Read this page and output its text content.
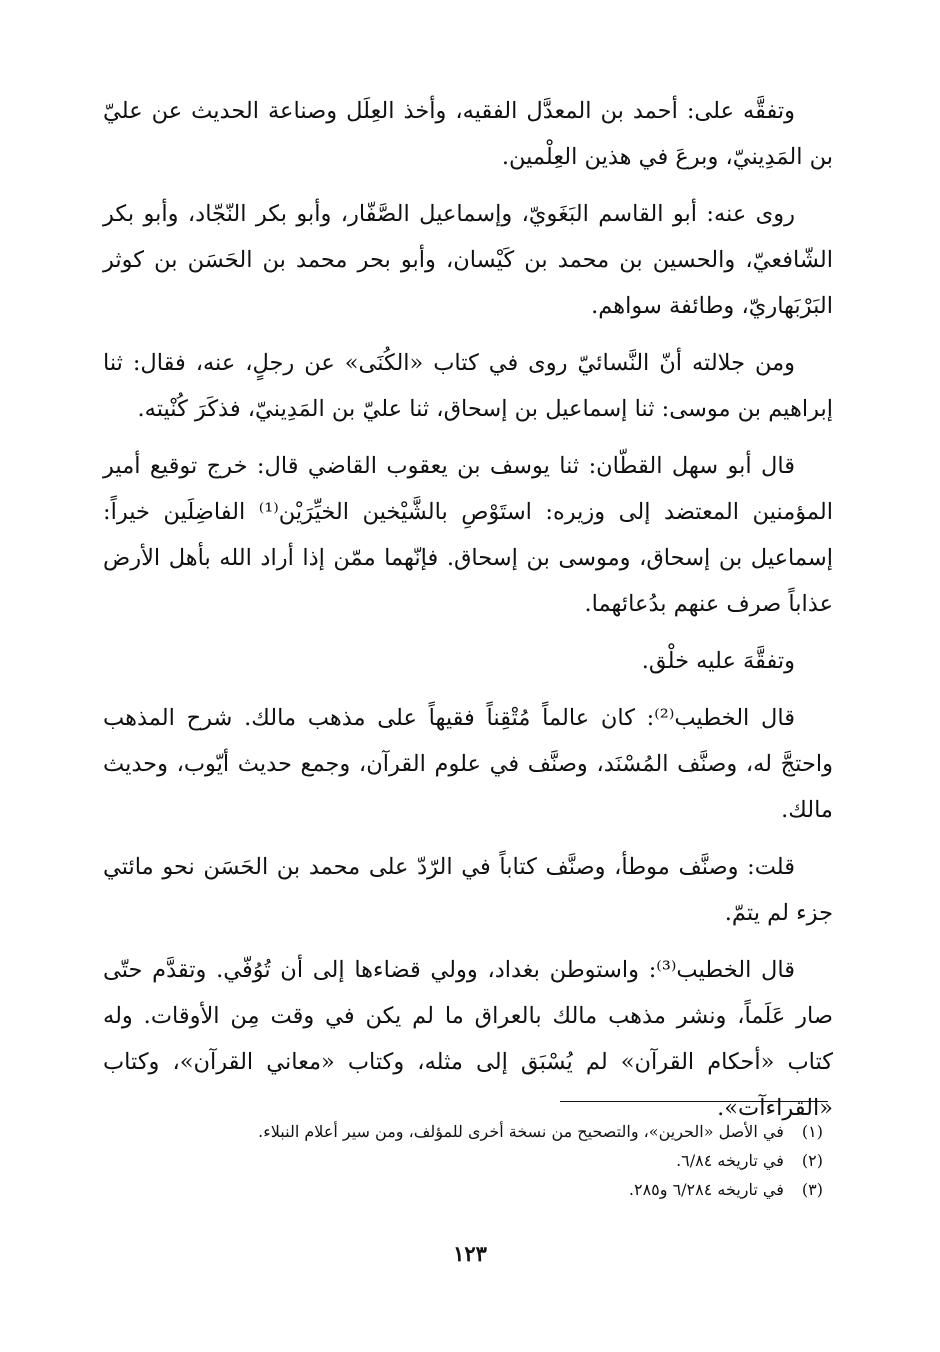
وتفقَّه على: أحمد بن المعدَّل الفقيه، وأخذ العِلَل وصناعة الحديث عن عليّ بن المَدِينيّ، وبرعَ في هذين العِلْمين.

روى عنه: أبو القاسم البَغَويّ، وإسماعيل الصَّفّار، وأبو بكر النّجّاد، وأبو بكر الشّافعيّ، والحسين بن محمد بن كَيْسان، وأبو بحر محمد بن الحَسَن بن كوثر البَرْبَهاريّ، وطائفة سواهم.

ومن جلالته أنّ النَّسائيّ روى في كتاب «الكُنَى» عن رجلٍ، عنه، فقال: ثنا إبراهيم بن موسى: ثنا إسماعيل بن إسحاق، ثنا عليّ بن المَدِينيّ، فذكَرَ كُنْيته.

قال أبو سهل القطّان: ثنا يوسف بن يعقوب القاضي قال: خرج توقيع أمير المؤمنين المعتضد إلى وزيره: استَوْصِ بالشَّيْخين الخيِّرَيْن⁽¹⁾ الفاضِلَين خيراً: إسماعيل بن إسحاق، وموسى بن إسحاق. فإنّهما ممّن إذا أراد الله بأهل الأرض عذاباً صرف عنهم بدُعائهما.

وتفقَّهَ عليه خلْق.

قال الخطيب⁽²⁾: كان عالماً مُتْقِناً فقيهاً على مذهب مالك. شرح المذهب واحتجَّ له، وصنَّف المُسْنَد، وصنَّف في علوم القرآن، وجمع حديث أيّوب، وحديث مالك.

قلت: وصنَّف موطأ، وصنَّف كتاباً في الرّدّ على محمد بن الحَسَن نحو مائتي جزء لم يتمّ.

قال الخطيب⁽³⁾: واستوطن بغداد، وولي قضاءها إلى أن تُوُفّي. وتقدَّم حتّى صار عَلَماً، ونشر مذهب مالك بالعراق ما لم يكن في وقت مِن الأوقات. وله كتاب «أحكام القرآن» لم يُسْبَق إلى مثله، وكتاب «معاني القرآن»، وكتاب «القراءآت».

(١) في الأصل «الحرين»، والتصحيح من نسخة أخرى للمؤلف، ومن سير أعلام النبلاء.

(٢) في تاريخه ٦/٨٤.

(٣) في تاريخه ٦/٢٨٤ و٢٨٥.

١٢٣
